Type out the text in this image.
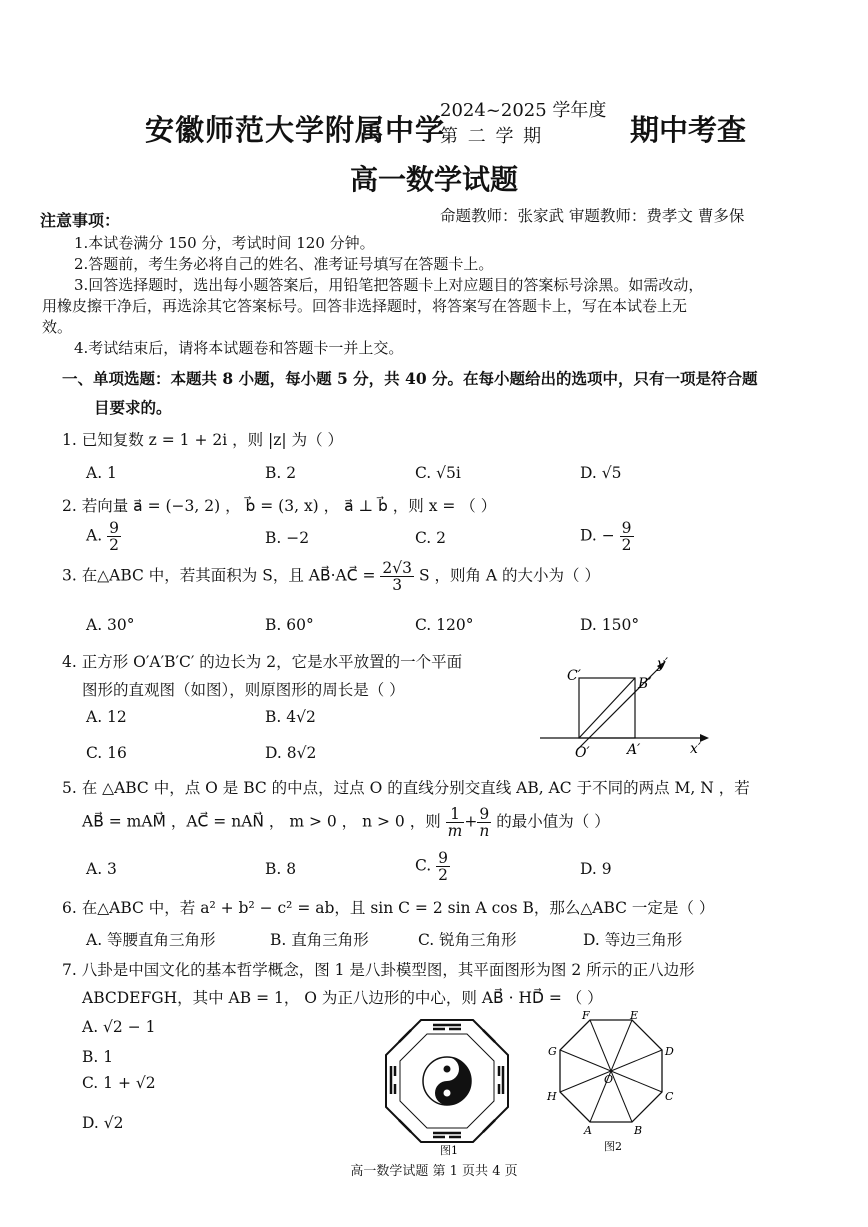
安徽师范大学附属中学
2024~2025 学年度
第 二 学 期	期中考查
高一数学试题
注意事项：	命题教师：张家武 审题教师：费孝文 曹多保
1.本试卷满分 150 分，考试时间 120 分钟。
2.答题前，考生务必将自己的姓名、准考证号填写在答题卡上。
3.回答选择题时，选出每小题答案后，用铅笔把答题卡上对应题目的答案标号涂黑。如需改动，
用橡皮擦干净后，再选涂其它答案标号。回答非选择题时，将答案写在答题卡上，写在本试卷上无
效。
4.考试结束后，请将本试题卷和答题卡一并上交。
一、单项选题：本题共 8 小题，每小题 5 分，共 40 分。在每小题给出的选项中，只有一项是符合题
目要求的。
1. 已知复数 z = 1 + 2i ，则 |z| 为（ ）
A. 1	B. 2	C. √5i	D. √5
2. 若向量 a⃗ = (−3, 2) ， b⃗ = (3, x) ， a⃗ ⊥ b⃗ ，则 x = （ ）
A. $\frac{9}{2}$	B. −2	C. 2	D. − $\frac{9}{2}$
3. 在△ABC 中，若其面积为 S，且 AB⃗·AC⃗ = $\frac{2√3}{3}$ S ，则角 A 的大小为（ ）
A. 30°	B. 60°	C. 120°	D. 150°
4. 正方形 O′A′B′C′ 的边长为 2，它是水平放置的一个平面
图形的直观图（如图），则原图形的周长是（ ）
A. 12	B. 4√2
C. 16	D. 8√2
C′	B′
O′	A′	x′
y′
5. 在 △ABC 中，点 O 是 BC 的中点，过点 O 的直线分别交直线 AB, AC 于不同的两点 M, N ，若
AB⃗ = mAM⃗ ，AC⃗ = nAN⃗ ， m > 0 ， n > 0 ，则 $\frac{1}{m} + \frac{9}{n}$ 的最小值为（ ）
A. 3	B. 8	C. $\frac{9}{2}$	D. 9
6. 在△ABC 中，若 a² + b² − c² = ab，且 sin C = 2 sin A cos B，那么△ABC 一定是（ ）
A. 等腰直角三角形	B. 直角三角形	C. 锐角三角形	D. 等边三角形
7. 八卦是中国文化的基本哲学概念，图 1 是八卦模型图，其平面图形为图 2 所示的正八边形
ABCDEFGH，其中 AB = 1， O 为正八边形的中心，则 AB⃗ · HD⃗ = （ ）
A. √2 − 1
B. 1
C. 1 + √2
D. √2
图1
A	B
C
D
E
F
G
H
O
图2
高一数学试题 第 1 页共 4 页
